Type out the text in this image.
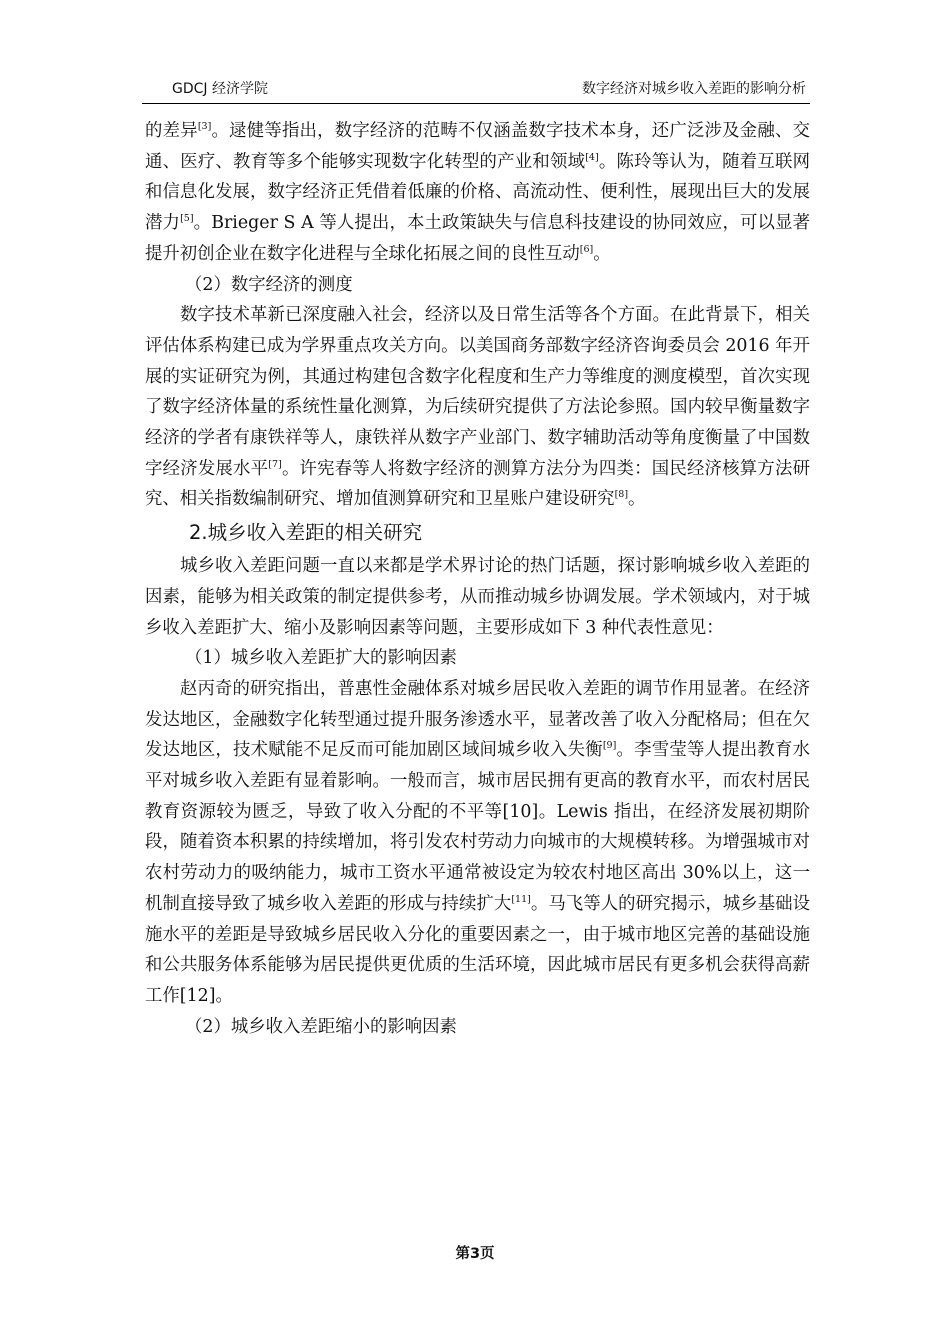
GDCJ 经济学院	数字经济对城乡收入差距的影响分析

的差异[3]。逯健等指出，数字经济的范畴不仅涵盖数字技术本身，还广泛涉及金融、交通、医疗、教育等多个能够实现数字化转型的产业和领域[4]。陈玲等认为，随着互联网和信息化发展，数字经济正凭借着低廉的价格、高流动性、便利性，展现出巨大的发展潜力[5]。Brieger S A 等人提出，本土政策缺失与信息科技建设的协同效应，可以显著提升初创企业在数字化进程与全球化拓展之间的良性互动[6]。

（2）数字经济的测度

数字技术革新已深度融入社会，经济以及日常生活等各个方面。在此背景下，相关评估体系构建已成为学界重点攻关方向。以美国商务部数字经济咨询委员会 2016 年开展的实证研究为例，其通过构建包含数字化程度和生产力等维度的测度模型，首次实现了数字经济体量的系统性量化测算，为后续研究提供了方法论参照。国内较早衡量数字经济的学者有康铁祥等人，康铁祥从数字产业部门、数字辅助活动等角度衡量了中国数字经济发展水平[7]。许宪春等人将数字经济的测算方法分为四类：国民经济核算方法研究、相关指数编制研究、增加值测算研究和卫星账户建设研究[8]。

2.城乡收入差距的相关研究

城乡收入差距问题一直以来都是学术界讨论的热门话题，探讨影响城乡收入差距的因素，能够为相关政策的制定提供参考，从而推动城乡协调发展。学术领域内，对于城乡收入差距扩大、缩小及影响因素等问题，主要形成如下 3 种代表性意见：

（1）城乡收入差距扩大的影响因素

赵丙奇的研究指出，普惠性金融体系对城乡居民收入差距的调节作用显著。在经济发达地区，金融数字化转型通过提升服务渗透水平，显著改善了收入分配格局；但在欠发达地区，技术赋能不足反而可能加剧区域间城乡收入失衡[9]。李雪莹等人提出教育水平对城乡收入差距有显着影响。一般而言，城市居民拥有更高的教育水平，而农村居民教育资源较为匮乏，导致了收入分配的不平等[10]。Lewis 指出，在经济发展初期阶段，随着资本积累的持续增加，将引发农村劳动力向城市的大规模转移。为增强城市对农村劳动力的吸纳能力，城市工资水平通常被设定为较农村地区高出 30%以上，这一机制直接导致了城乡收入差距的形成与持续扩大[11]。马飞等人的研究揭示，城乡基础设施水平的差距是导致城乡居民收入分化的重要因素之一，由于城市地区完善的基础设施和公共服务体系能够为居民提供更优质的生活环境，因此城市居民有更多机会获得高薪工作[12]。

（2）城乡收入差距缩小的影响因素

第3页
